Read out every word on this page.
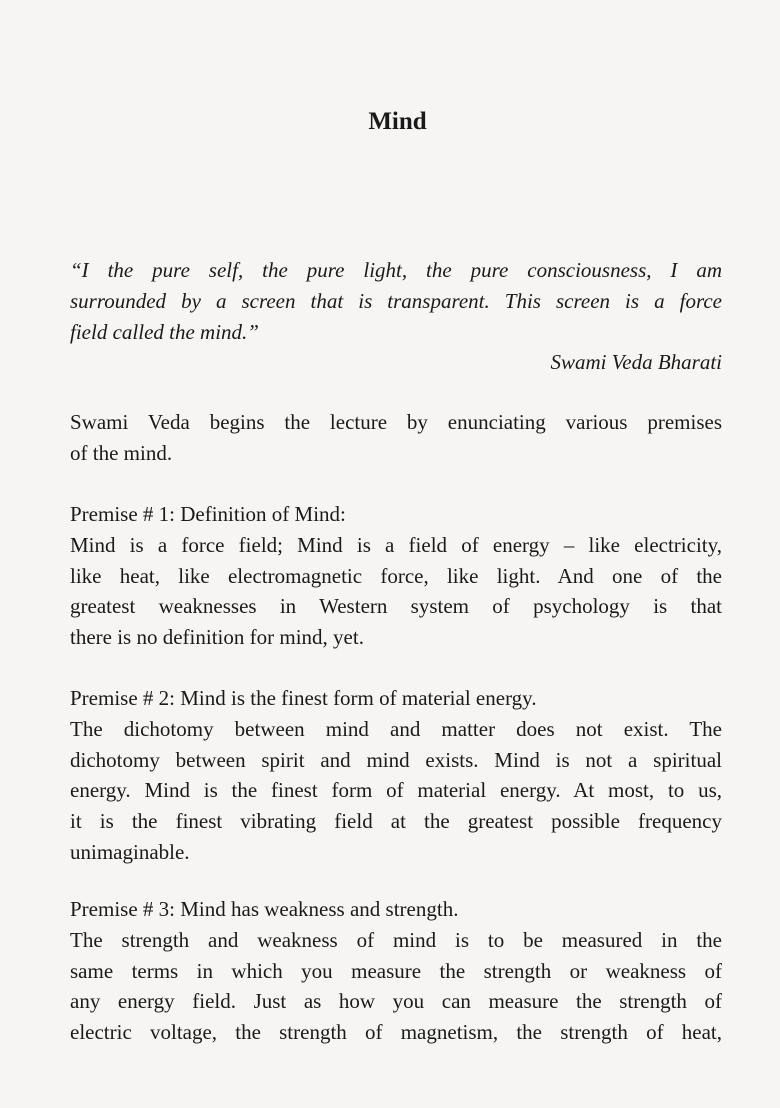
Mind
“I the pure self, the pure light, the pure consciousness, I am
surrounded by a screen that is transparent. This screen is a force
field called the mind.”
Swami Veda Bharati
Swami Veda begins the lecture by enunciating various premises
of the mind.
Premise # 1: Definition of Mind:
Mind is a force field; Mind is a field of energy – like electricity,
like heat, like electromagnetic force, like light. And one of the
greatest weaknesses in Western system of psychology is that
there is no definition for mind, yet.
Premise # 2: Mind is the finest form of material energy.
The dichotomy between mind and matter does not exist. The
dichotomy between spirit and mind exists. Mind is not a spiritual
energy. Mind is the finest form of material energy. At most, to us,
it is the finest vibrating field at the greatest possible frequency
unimaginable.
Premise # 3: Mind has weakness and strength.
The strength and weakness of mind is to be measured in the
same terms in which you measure the strength or weakness of
any energy field. Just as how you can measure the strength of
electric voltage, the strength of magnetism, the strength of heat,
